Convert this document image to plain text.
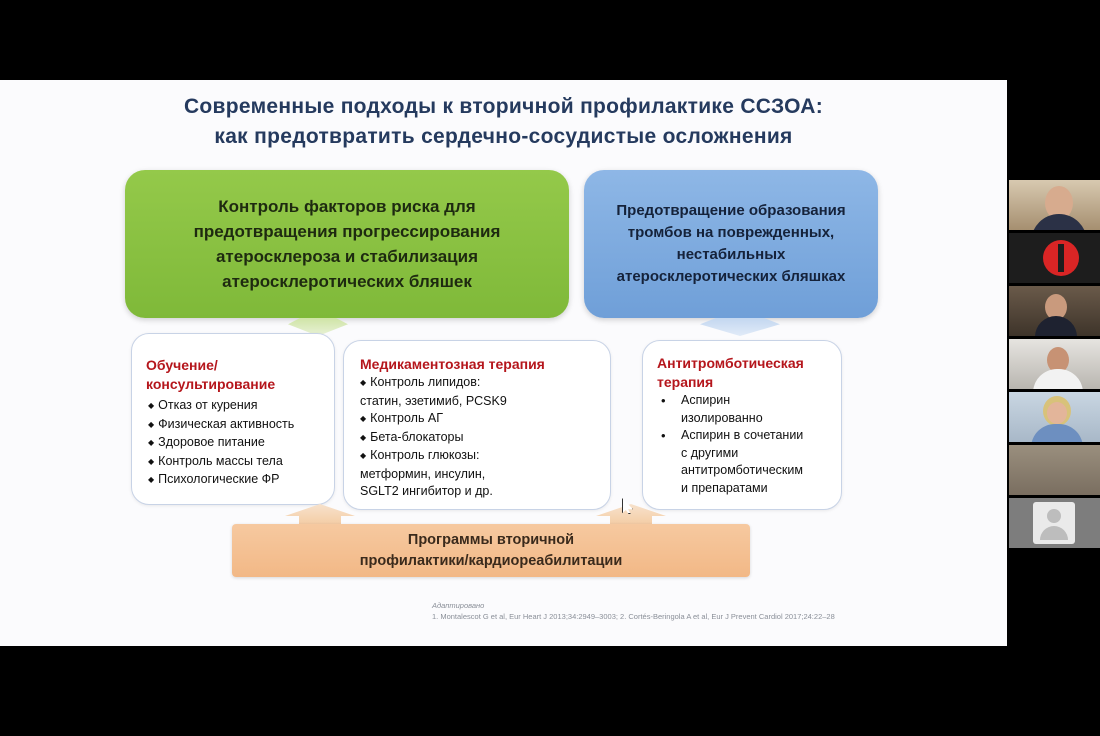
Современные подходы к вторичной профилактике ССЗОА:
как предотвратить сердечно-сосудистые осложнения
Контроль факторов риска для
предотвращения прогрессирования
атеросклероза и стабилизация
атеросклеротических бляшек
Предотвращение образования
тромбов на поврежденных,
нестабильных
атеросклеротических бляшках
Обучение/
консультирование
◆ Отказ от курения
◆ Физическая активность
◆ Здоровое питание
◆ Контроль массы тела
◆ Психологические ФР
Медикаментозная терапия
◆ Контроль липидов:
статин, эзетимиб, PCSK9
◆ Контроль АГ
◆ Бета-блокаторы
◆ Контроль глюкозы:
метформин, инсулин,
SGLT2 ингибитор и др.
Антитромботическая
терапия
• Аспирин
изолированно
• Аспирин в сочетании
с другими
антитромботическим
и препаратами
Программы вторичной
профилактики/кардиореабилитации
Адаптировано
1. Montalescot G et al, Eur Heart J 2013;34:2949–3003; 2. Cortés-Beringola A et al, Eur J Prevent Cardiol 2017;24:22–28
